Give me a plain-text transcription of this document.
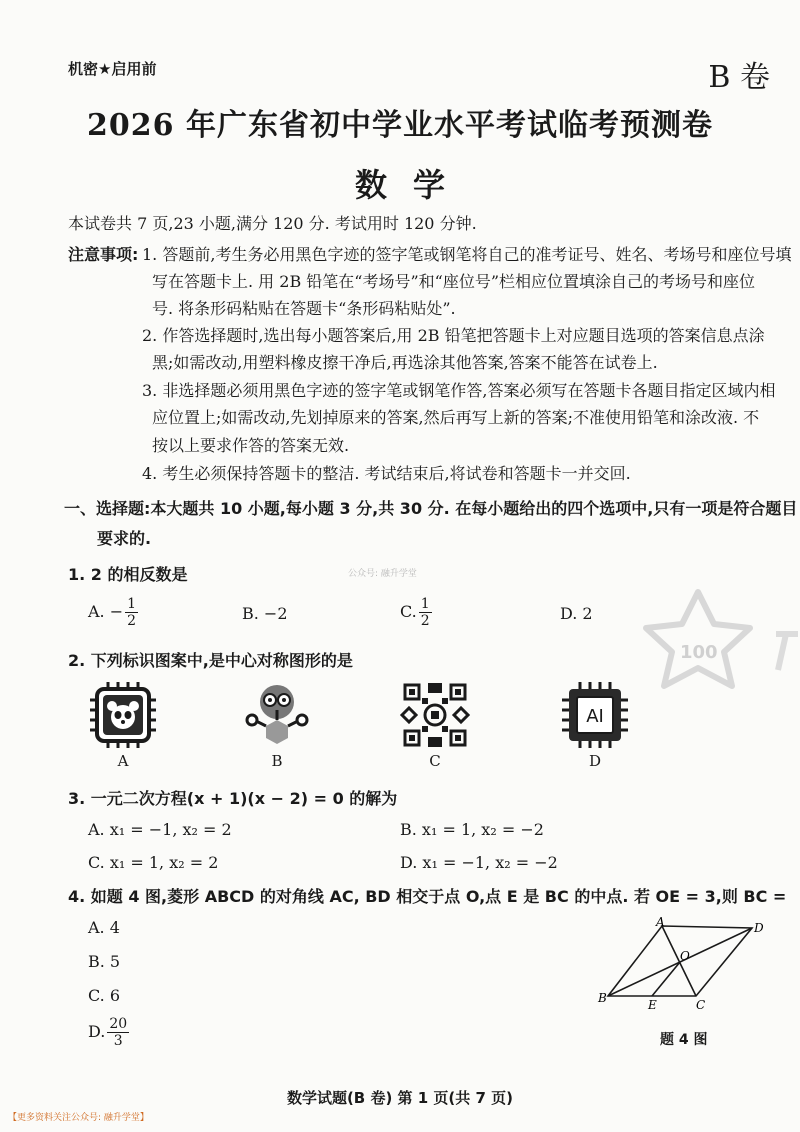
机密★启用前	B 卷
2026 年广东省初中学业水平考试临考预测卷
数学
本试卷共 7 页,23 小题,满分 120 分. 考试用时 120 分钟.
注意事项: 1. 答题前,考生务必用黑色字迹的签字笔或钢笔将自己的准考证号、姓名、考场号和座位号填
写在答题卡上. 用 2B 铅笔在“考场号”和“座位号”栏相应位置填涂自己的考场号和座位
号. 将条形码粘贴在答题卡“条形码粘贴处”.
2. 作答选择题时,选出每小题答案后,用 2B 铅笔把答题卡上对应题目选项的答案信息点涂
黑;如需改动,用塑料橡皮擦干净后,再选涂其他答案,答案不能答在试卷上.
3. 非选择题必须用黑色字迹的签字笔或钢笔作答,答案必须写在答题卡各题目指定区域内相
应位置上;如需改动,先划掉原来的答案,然后再写上新的答案;不准使用铅笔和涂改液. 不
按以上要求作答的答案无效.
4. 考生必须保持答题卡的整洁. 考试结束后,将试卷和答题卡一并交回.
一、选择题:本大题共 10 小题,每小题 3 分,共 30 分. 在每小题给出的四个选项中,只有一项是符合题目
要求的.
公众号: 融升学堂
100
1. 2 的相反数是
A. − $\frac{1}{2}$	B. −2	C. $\frac{1}{2}$	D. 2
2. 下列标识图案中,是中心对称图形的是
AI
A	B	C	D
3. 一元二次方程(x + 1)(x − 2) = 0 的解为
A. x₁ = −1, x₂ = 2	B. x₁ = 1, x₂ = −2
C. x₁ = 1, x₂ = 2	D. x₁ = −1, x₂ = −2
4. 如题 4 图,菱形 ABCD 的对角线 AC, BD 相交于点 O,点 E 是 BC 的中点. 若 OE = 3,则 BC =
A. 4
B. 5
C. 6
D. $\frac{20}{3}$
A	D
O
B	E	C
题 4 图
数学试题(B 卷) 第 1 页(共 7 页)
【更多资料关注公众号: 融升学堂】
